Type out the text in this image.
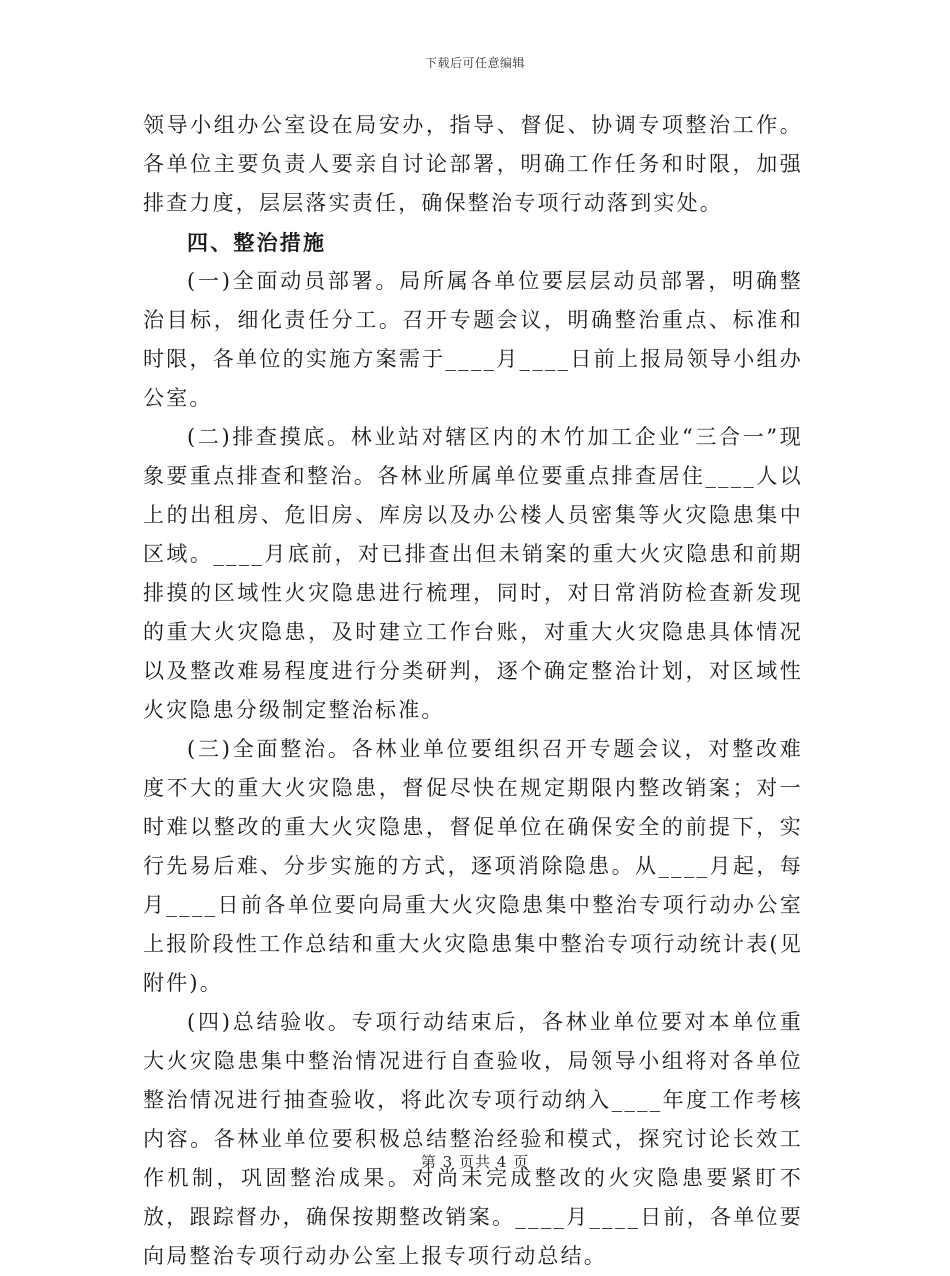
下载后可任意编辑

领导小组办公室设在局安办，指导、督促、协调专项整治工作。各单位主要负责人要亲自讨论部署，明确工作任务和时限，加强排查力度，层层落实责任，确保整治专项行动落到实处。

四、整治措施

(一)全面动员部署。局所属各单位要层层动员部署，明确整治目标，细化责任分工。召开专题会议，明确整治重点、标准和时限，各单位的实施方案需于____月____日前上报局领导小组办公室。

(二)排查摸底。林业站对辖区内的木竹加工企业“三合一”现象要重点排查和整治。各林业所属单位要重点排查居住____人以上的出租房、危旧房、库房以及办公楼人员密集等火灾隐患集中区域。____月底前，对已排查出但未销案的重大火灾隐患和前期排摸的区域性火灾隐患进行梳理，同时，对日常消防检查新发现的重大火灾隐患，及时建立工作台账，对重大火灾隐患具体情况以及整改难易程度进行分类研判，逐个确定整治计划，对区域性火灾隐患分级制定整治标准。

(三)全面整治。各林业单位要组织召开专题会议，对整改难度不大的重大火灾隐患，督促尽快在规定期限内整改销案；对一时难以整改的重大火灾隐患，督促单位在确保安全的前提下，实行先易后难、分步实施的方式，逐项消除隐患。从____月起，每月____日前各单位要向局重大火灾隐患集中整治专项行动办公室上报阶段性工作总结和重大火灾隐患集中整治专项行动统计表(见附件)。

(四)总结验收。专项行动结束后，各林业单位要对本单位重大火灾隐患集中整治情况进行自查验收，局领导小组将对各单位整治情况进行抽查验收，将此次专项行动纳入____年度工作考核内容。各林业单位要积极总结整治经验和模式，探究讨论长效工作机制，巩固整治成果。对尚未完成整改的火灾隐患要紧盯不放，跟踪督办，确保按期整改销案。____月____日前，各单位要向局整治专项行动办公室上报专项行动总结。

第 3 页共 4 页
